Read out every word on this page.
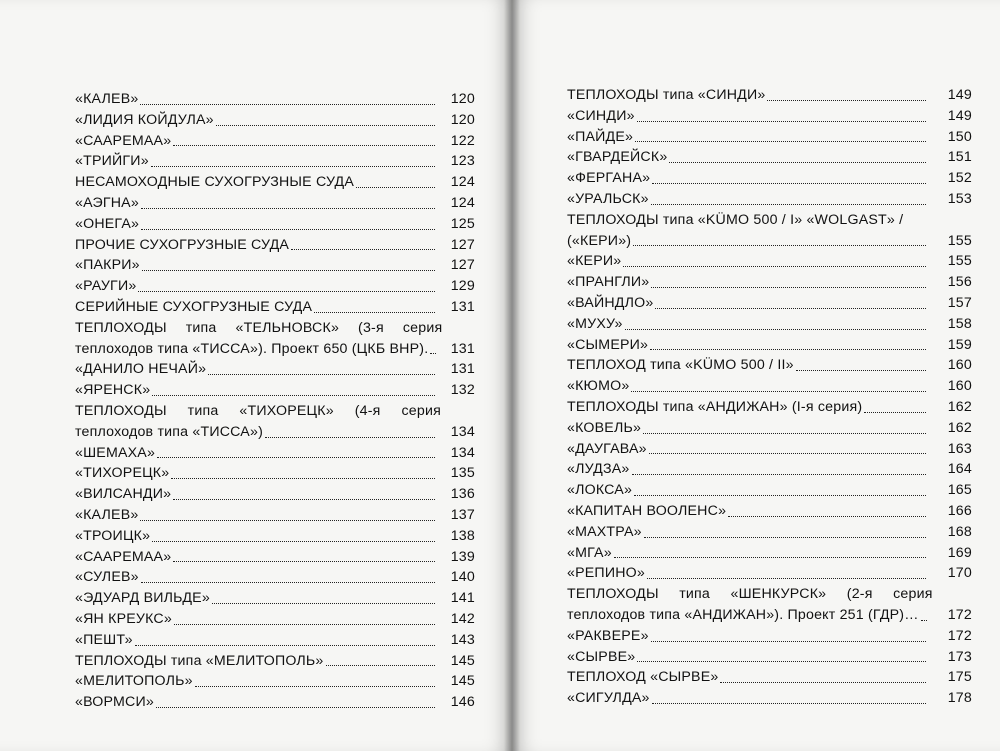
«КАЛЕВ»	120
«ЛИДИЯ КОЙДУЛА»	120
«СААРЕМАА»	122
«ТРИЙГИ»	123
НЕСАМОХОДНЫЕ СУХОГРУЗНЫЕ СУДА	124
«АЭГНА»	124
«ОНЕГА»	125
ПРОЧИЕ СУХОГРУЗНЫЕ СУДА	127
«ПАКРИ»	127
«РАУГИ»	129
СЕРИЙНЫЕ СУХОГРУЗНЫЕ СУДА	131
ТЕПЛОХОДЫ типа «ТЕЛЬНОВСК» (3-я серия
теплоходов типа «ТИССА»). Проект 650 (ЦКБ ВНР).	131
«ДАНИЛО НЕЧАЙ»	131
«ЯРЕНСК»	132
ТЕПЛОХОДЫ типа «ТИХОРЕЦК» (4-я серия
теплоходов типа «ТИССА»)	134
«ШЕМАХА»	134
«ТИХОРЕЦК»	135
«ВИЛСАНДИ»	136
«КАЛЕВ»	137
«ТРОИЦК»	138
«СААРЕМАА»	139
«СУЛЕВ»	140
«ЭДУАРД ВИЛЬДЕ»	141
«ЯН КРЕУКС»	142
«ПЕШТ»	143
ТЕПЛОХОДЫ типа «МЕЛИТОПОЛЬ»	145
«МЕЛИТОПОЛЬ»	145
«ВОРМСИ»	146
ТЕПЛОХОДЫ типа «СИНДИ»	149
«СИНДИ»	149
«ПАЙДЕ»	150
«ГВАРДЕЙСК»	151
«ФЕРГАНА»	152
«УРАЛЬСК»	153
ТЕПЛОХОДЫ типа «KÜMO 500 / I» «WOLGAST» /
(«КЕРИ»)	155
«КЕРИ»	155
«ПРАНГЛИ»	156
«ВАЙНДЛО»	157
«МУХУ»	158
«СЫМЕРИ»	159
ТЕПЛОХОД типа «KÜMO 500 / II»	160
«КЮМО»	160
ТЕПЛОХОДЫ типа «АНДИЖАН» (I-я серия)	162
«КОВЕЛЬ»	162
«ДАУГАВА»	163
«ЛУДЗА»	164
«ЛОКСА»	165
«КАПИТАН ВООЛЕНС»	166
«МАХТРА»	168
«МГА»	169
«РЕПИНО»	170
ТЕПЛОХОДЫ типа «ШЕНКУРСК» (2-я серия
теплоходов типа «АНДИЖАН»). Проект 251 (ГДР)…	172
«РАКВЕРЕ»	172
«СЫРВЕ»	173
ТЕПЛОХОД «СЫРВЕ»	175
«СИГУЛДА»	178
